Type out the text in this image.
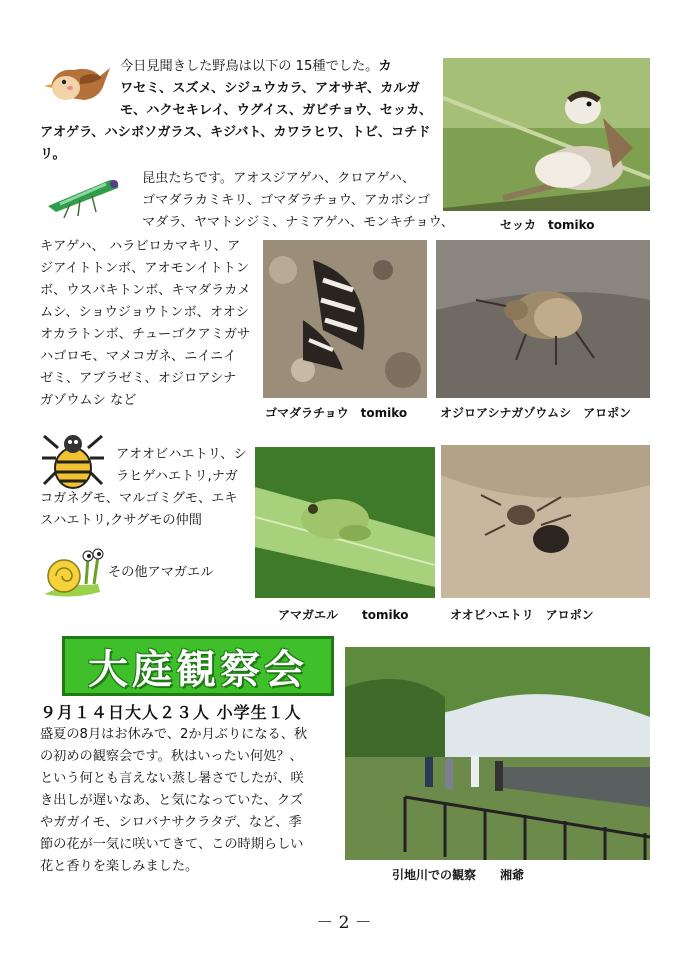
今日見聞きした野鳥は以下の 15種でした。カ
ワセミ、スズメ、シジュウカラ、アオサギ、カルガ
モ、ハクセキレイ、ウグイス、ガビチョウ、セッカ、
アオゲラ、ハシボソガラス、キジバト、カワラヒワ、トビ、コチド
リ。
セッカ　tomiko
昆虫たちです。アオスジアゲハ、クロアゲハ、
ゴマダラカミキリ、ゴマダラチョウ、アカボシゴ
マダラ、ヤマトシジミ、ナミアゲハ、モンキチョウ、
キアゲハ、 ハラビロカマキリ、ア
ジアイトトンボ、アオモンイトトン
ボ、ウスバキトンボ、キマダラカメ
ムシ、ショウジョウトンボ、オオシ
オカラトンボ、チューゴクアミガサ
ハゴロモ、マメコガネ、ニイニイ
ゼミ、アブラゼミ、オジロアシナ
ガゾウムシ など
ゴマダラチョウ　tomiko	オジロアシナガゾウムシ　アロポン
アオオビハエトリ、シ
ラヒゲハエトリ,ナガ
コガネグモ、マルゴミグモ、エキ
スハエトリ,クサグモの仲間
その他アマガエル
アマガエル　　tomiko	オオビハエトリ　アロポン
大庭観察会
９月１４日大人２３人 小学生１人
盛夏の8月はお休みで、2か月ぶりになる、秋
の初めの観察会です。秋はいったい何処？、
という何とも言えない蒸し暑さでしたが、咲
き出しが遅いなあ、と気になっていた、クズ
やガガイモ、シロバナサクラタデ、など、季
節の花が一気に咲いてきて、この時期らしい
花と香りを楽しみました。
引地川での観察　　湘爺
－ 2 －
